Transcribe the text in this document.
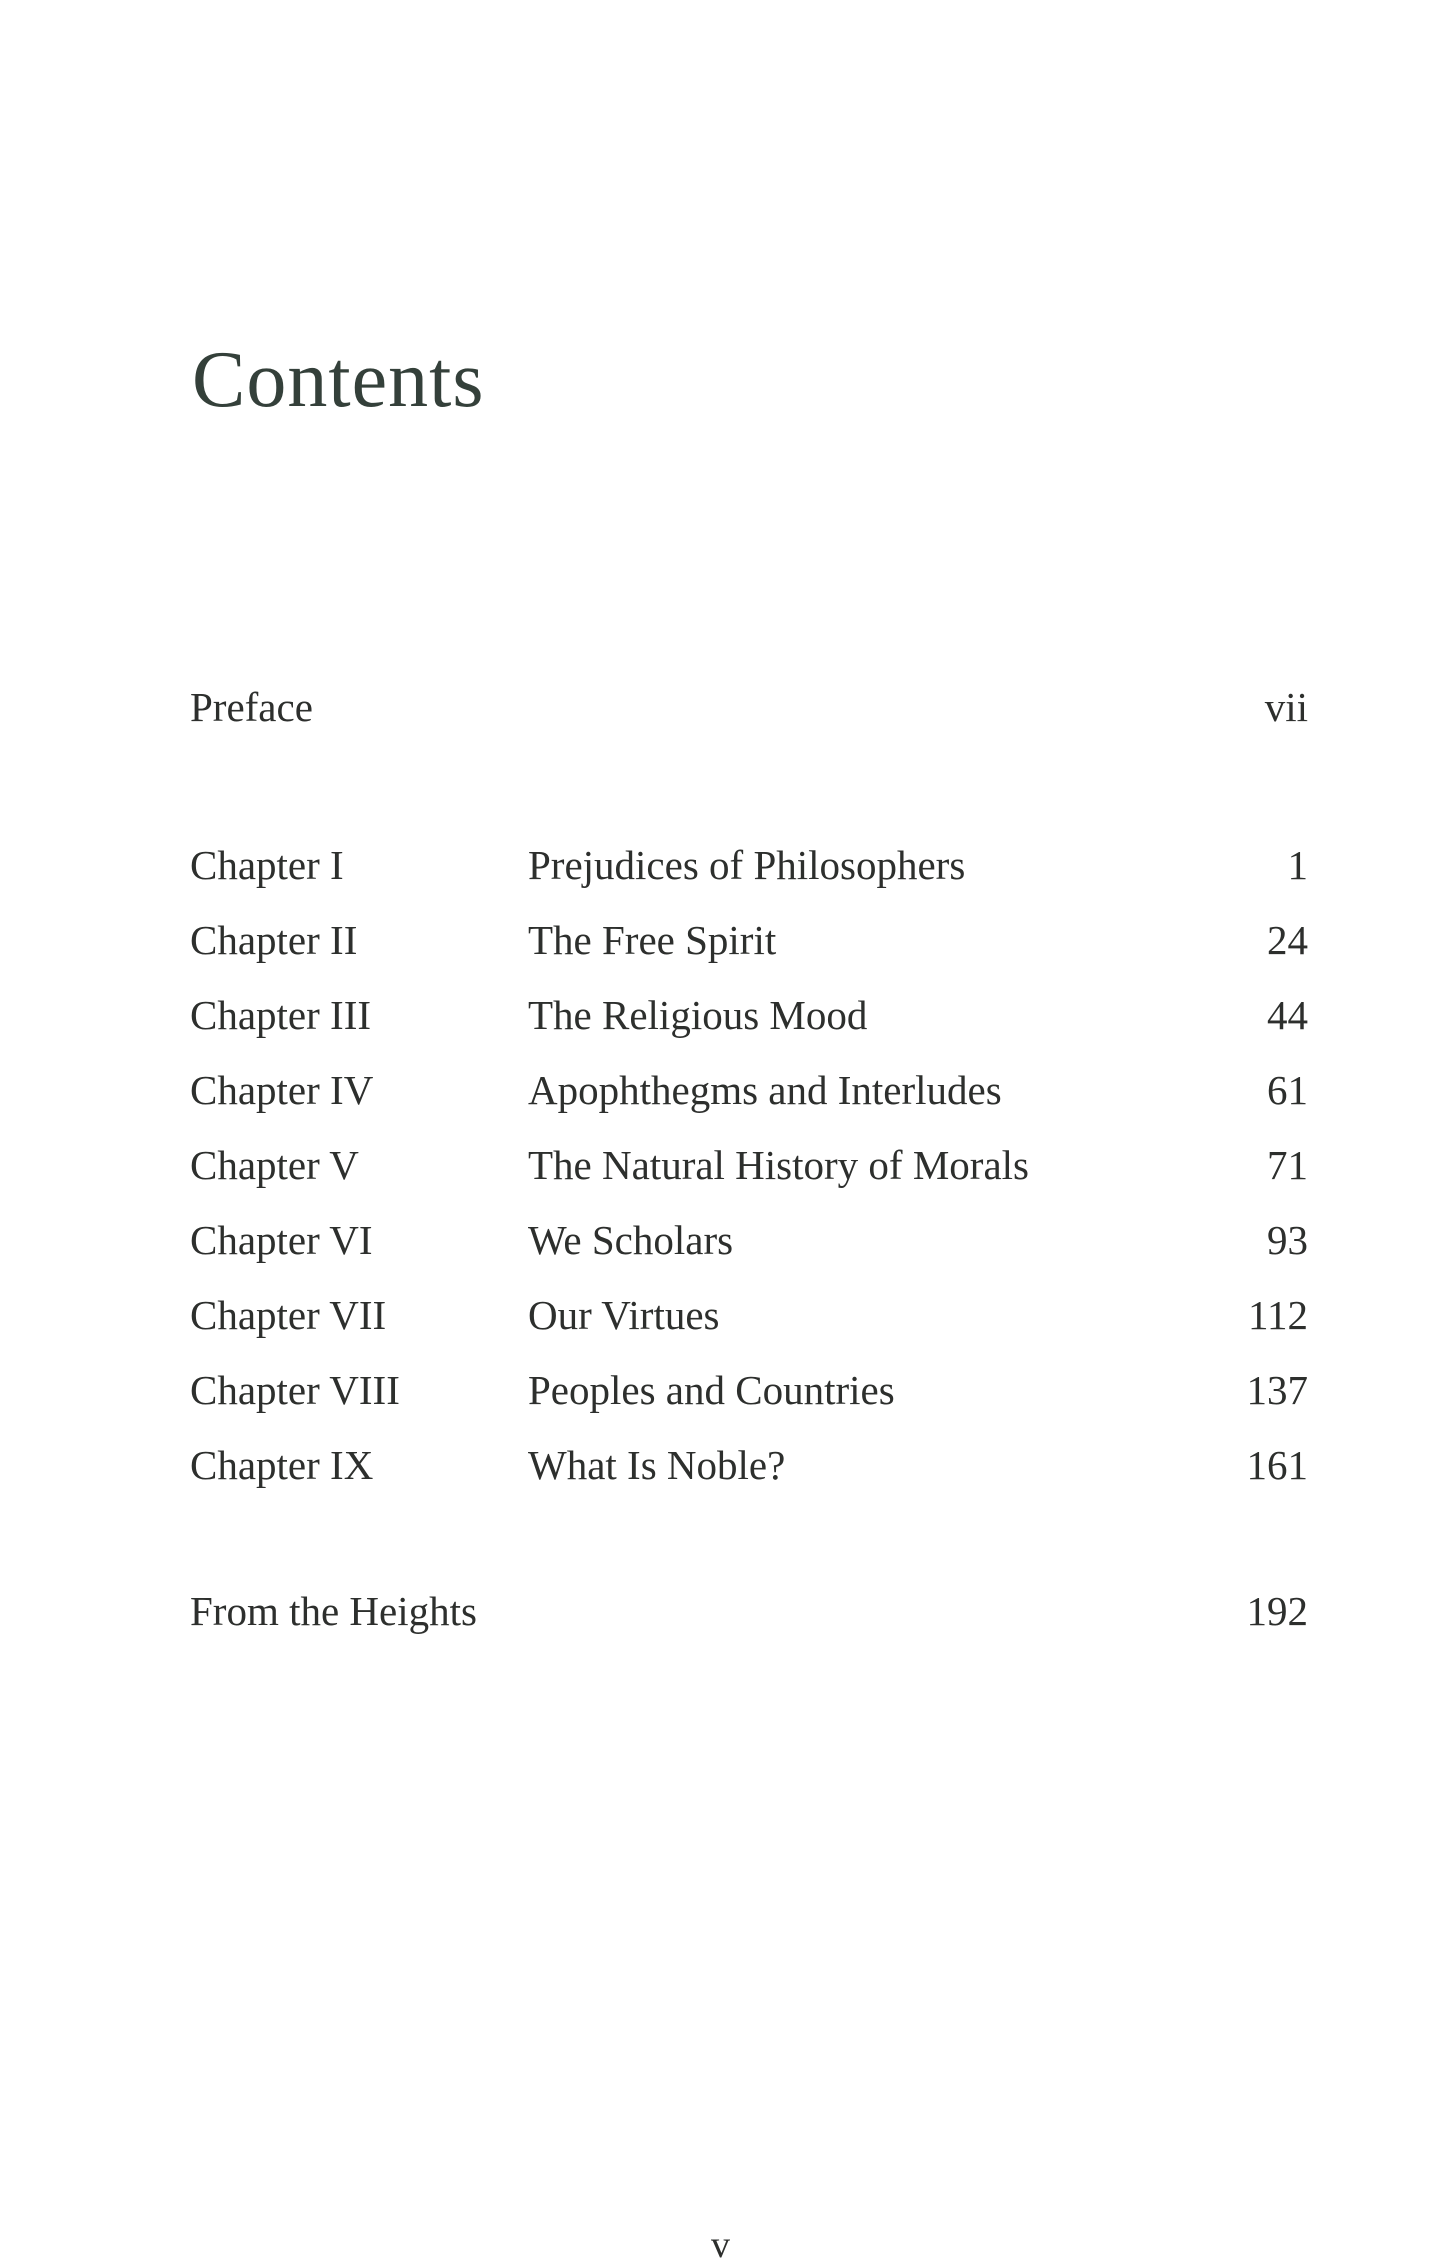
Contents
Preface	vii
Chapter I	Prejudices of Philosophers	1
Chapter II	The Free Spirit	24
Chapter III	The Religious Mood	44
Chapter IV	Apophthegms and Interludes	61
Chapter V	The Natural History of Morals	71
Chapter VI	We Scholars	93
Chapter VII	Our Virtues	112
Chapter VIII	Peoples and Countries	137
Chapter IX	What Is Noble?	161
From the Heights	192
v
